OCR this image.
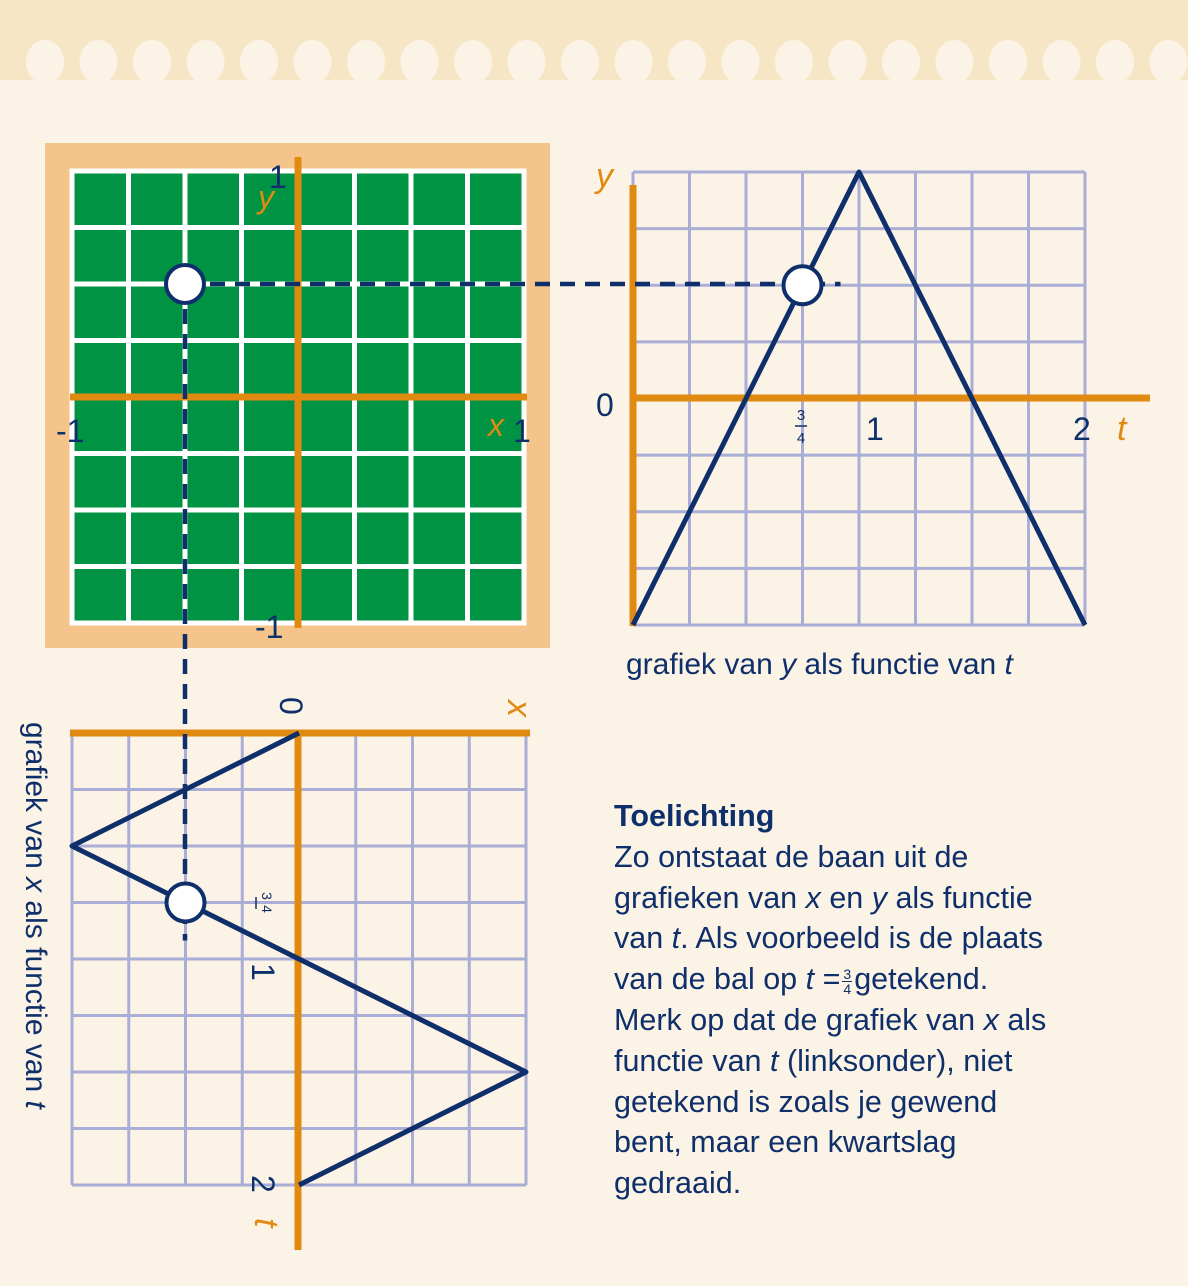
x
y
-1	1
1
-1
y
t
0
1	2
3
4
x
t
0
1
2
3
4
grafiek van x als functie van t
grafiek van y als functie van t
Toelichting
Zo ontstaat de baan uit de
grafieken van x en y als functie
van t. Als voorbeeld is de plaats
van de bal op $t = \frac{3}{4}$ getekend.
Merk op dat de grafiek van x als
functie van t (linksonder), niet
getekend is zoals je gewend
bent, maar een kwartslag
gedraaid.
